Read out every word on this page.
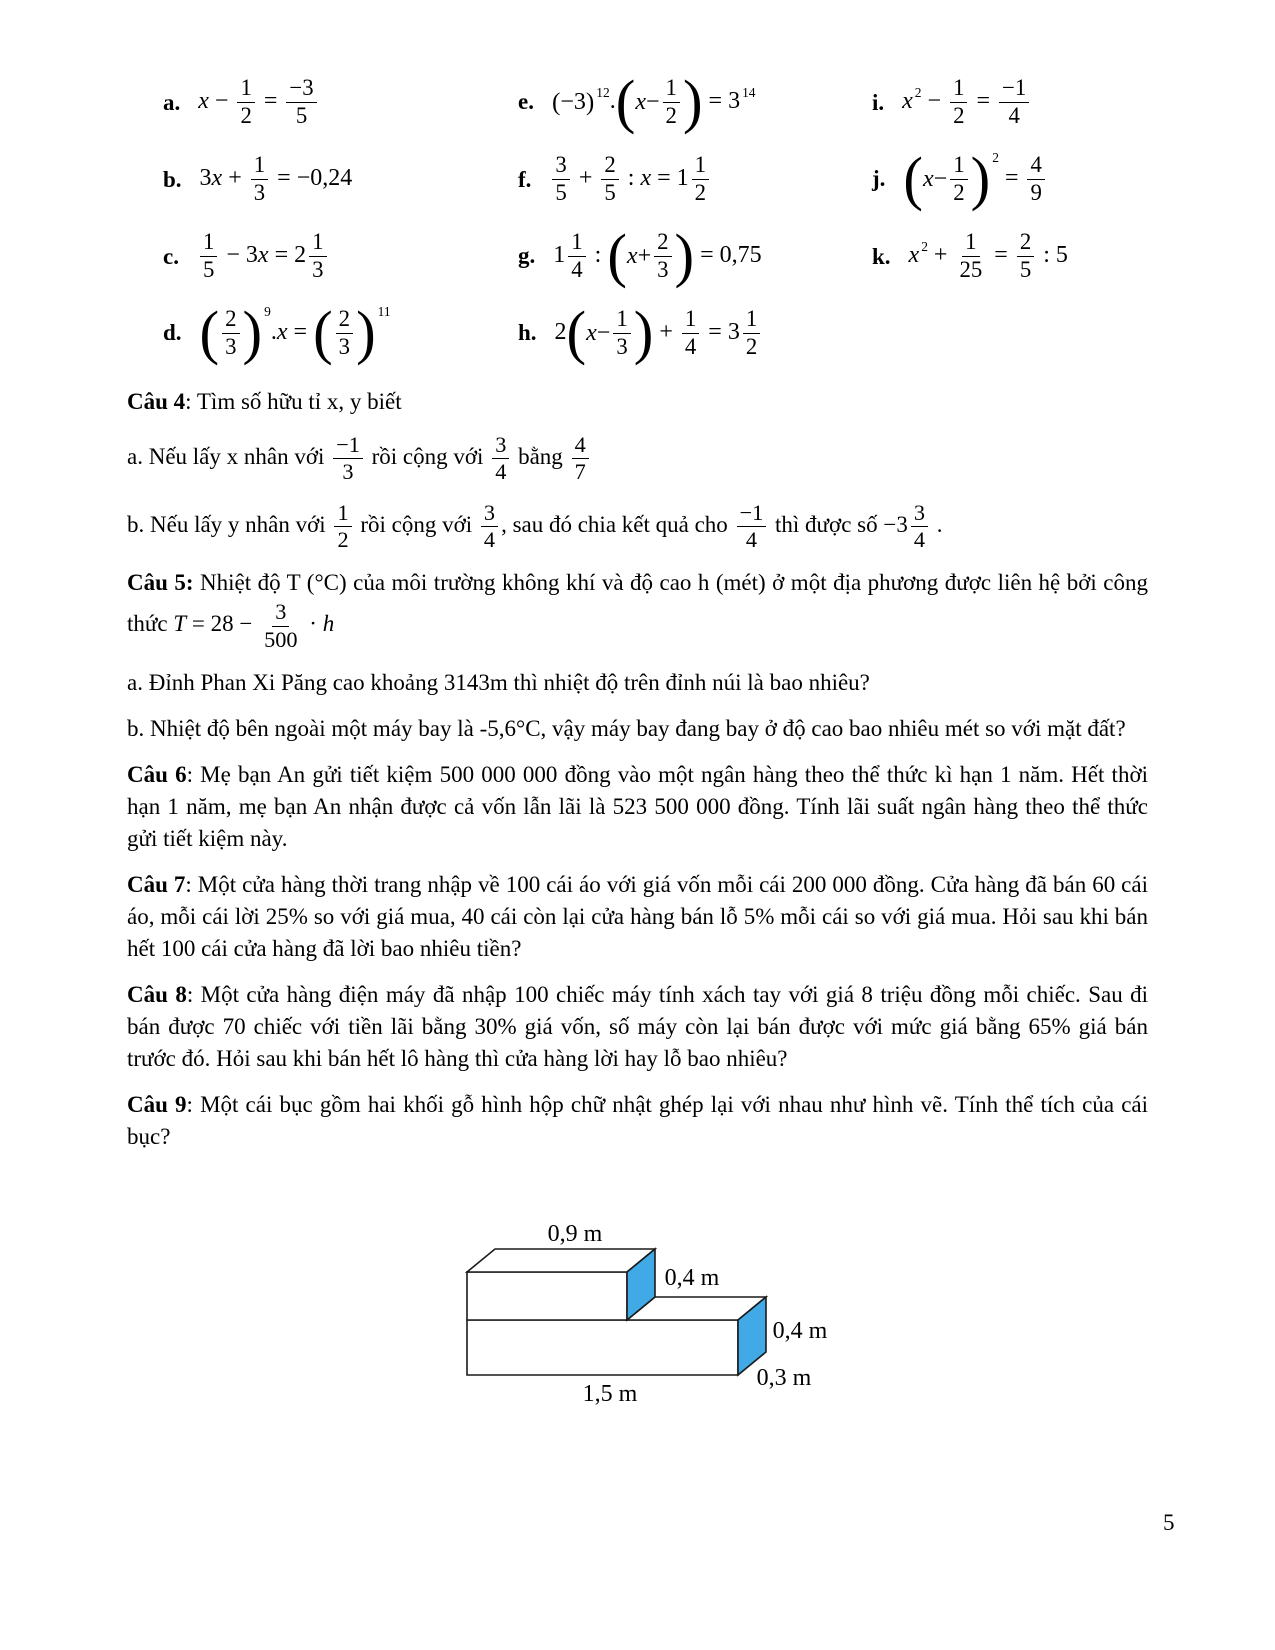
a. $x - \frac{1}{2} = \frac{-3}{5}$
b. $3x + \frac{1}{3} = -0,24$
c. $\frac{1}{5} - 3x = 2 \frac{1}{3}$
d. ( $\frac{2}{3}$ ) $^9$.x = ( $\frac{2}{3}$ ) $^{11}$
e. ( −3 ) $^{12}$. ( $x - \frac{1}{2}$ ) = 3 $^{14}$
f. $\frac{3}{5} + \frac{2}{5}$ : $x = 1 \frac{1}{2}$
g. $1 \frac{1}{4}$ : ( $x + \frac{2}{3}$ ) = 0,75
h. 2 ( $x - \frac{1}{3}$ ) + $\frac{1}{4} = 3 \frac{1}{2}$
i. x $^2 - \frac{1}{2} = \frac{-1}{4}$
j. ( $x - \frac{1}{2}$ ) $^2 = \frac{4}{9}$
k. x $^2 + \frac{1}{25} = \frac{2}{5}$ : 5

Câu 4: Tìm số hữu tỉ x, y biết

a. Nếu lấy x nhân với $\frac{-1}{3}$ rồi cộng với $\frac{3}{4}$ bằng $\frac{4}{7}$

b. Nếu lấy y nhân với $\frac{1}{2}$ rồi cộng với $\frac{3}{4}$ , sau đó chia kết quả cho $\frac{-1}{4}$ thì được số $-3 \frac{3}{4}$ .

Câu 5: Nhiệt độ T (°C) của môi trường không khí và độ cao h (mét) ở một địa phương được liên hệ bởi công thức $T = 28 - \frac{3}{500} \cdot h$

a. Đỉnh Phan Xi Păng cao khoảng 3143m thì nhiệt độ trên đỉnh núi là bao nhiêu?

b. Nhiệt độ bên ngoài một máy bay là -5,6°C, vậy máy bay đang bay ở độ cao bao nhiêu mét so với mặt đất?

Câu 6: Mẹ bạn An gửi tiết kiệm 500 000 000 đồng vào một ngân hàng theo thể thức kì hạn 1 năm. Hết thời hạn 1 năm, mẹ bạn An nhận được cả vốn lẫn lãi là 523 500 000 đồng. Tính lãi suất ngân hàng theo thể thức gửi tiết kiệm này.

Câu 7: Một cửa hàng thời trang nhập về 100 cái áo với giá vốn mỗi cái 200 000 đồng. Cửa hàng đã bán 60 cái áo, mỗi cái lời 25% so với giá mua, 40 cái còn lại cửa hàng bán lỗ 5% mỗi cái so với giá mua. Hỏi sau khi bán hết 100 cái cửa hàng đã lời bao nhiêu tiền?

Câu 8: Một cửa hàng điện máy đã nhập 100 chiếc máy tính xách tay với giá 8 triệu đồng mỗi chiếc. Sau đi bán được 70 chiếc với tiền lãi bằng 30% giá vốn, số máy còn lại bán được với mức giá bằng 65% giá bán trước đó. Hỏi sau khi bán hết lô hàng thì cửa hàng lời hay lỗ bao nhiêu?

Câu 9: Một cái bục gồm hai khối gỗ hình hộp chữ nhật ghép lại với nhau như hình vẽ. Tính thể tích của cái bục?

0,9 m
0,4 m
0,4 m
0,3 m
1,5 m
5
